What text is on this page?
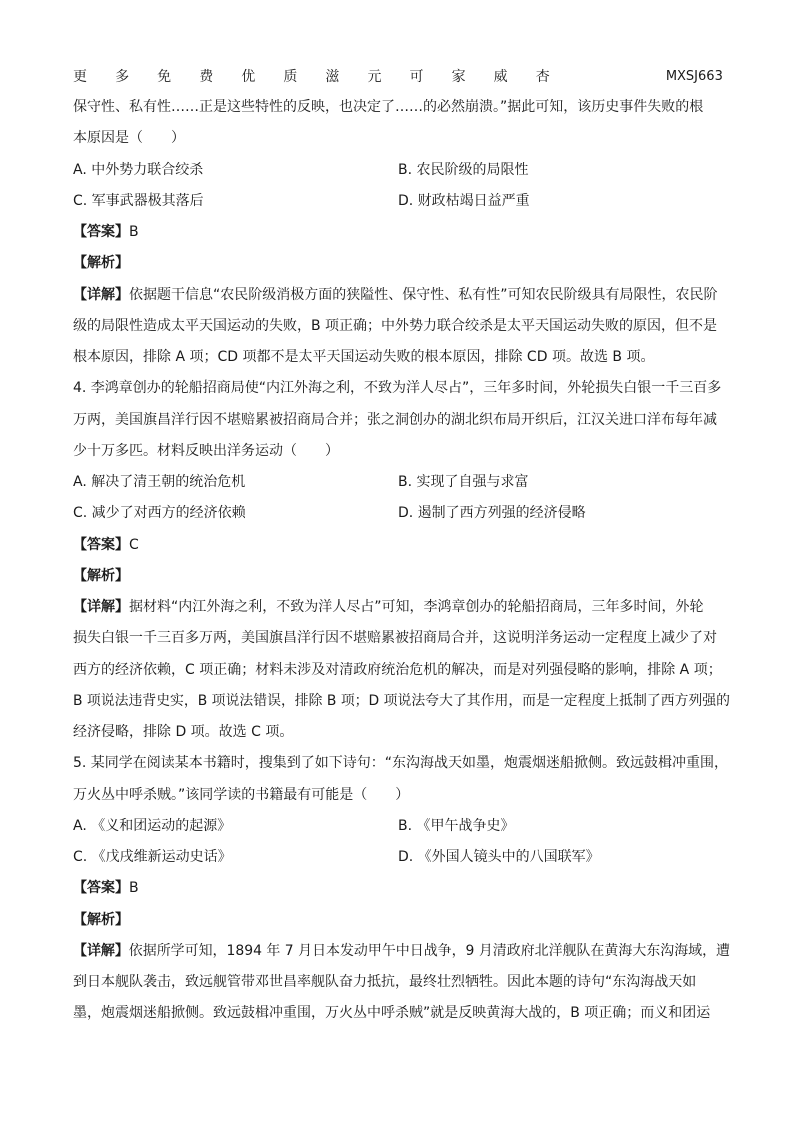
更 多 免 费 优 质 滋 元 可 家 威 杏	MXSJ663
保守性、私有性……正是这些特性的反映，也决定了……的必然崩溃。”据此可知，该历史事件失败的根
本原因是（　　）
A. 中外势力联合绞杀	B. 农民阶级的局限性
C. 军事武器极其落后	D. 财政枯竭日益严重
【答案】B
【解析】
【详解】依据题干信息“农民阶级消极方面的狭隘性、保守性、私有性”可知农民阶级具有局限性，农民阶
级的局限性造成太平天国运动的失败，B 项正确；中外势力联合绞杀是太平天国运动失败的原因，但不是
根本原因，排除 A 项；CD 项都不是太平天国运动失败的根本原因，排除 CD 项。故选 B 项。
4. 李鸿章创办的轮船招商局使“内江外海之利，不致为洋人尽占”，三年多时间，外轮损失白银一千三百多
万两，美国旗昌洋行因不堪赔累被招商局合并；张之洞创办的湖北织布局开织后，江汉关进口洋布每年减
少十万多匹。材料反映出洋务运动（　　）
A. 解决了清王朝的统治危机	B. 实现了自强与求富
C. 减少了对西方的经济依赖	D. 遏制了西方列强的经济侵略
【答案】C
【解析】
【详解】据材料“内江外海之利，不致为洋人尽占”可知，李鸿章创办的轮船招商局，三年多时间，外轮
损失白银一千三百多万两，美国旗昌洋行因不堪赔累被招商局合并，这说明洋务运动一定程度上减少了对
西方的经济依赖，C 项正确；材料未涉及对清政府统治危机的解决，而是对列强侵略的影响，排除 A 项；
B 项说法违背史实，B 项说法错误，排除 B 项；D 项说法夸大了其作用，而是一定程度上抵制了西方列强的
经济侵略，排除 D 项。故选 C 项。
5. 某同学在阅读某本书籍时，搜集到了如下诗句：“东沟海战天如墨，炮震烟迷船掀侧。致远鼓楫冲重围，
万火丛中呼杀贼。”该同学读的书籍最有可能是（　　）
A. 《义和团运动的起源》	B. 《甲午战争史》
C. 《戊戌维新运动史话》	D. 《外国人镜头中的八国联军》
【答案】B
【解析】
【详解】依据所学可知，1894 年 7 月日本发动甲午中日战争，9 月清政府北洋舰队在黄海大东沟海域，遭
到日本舰队袭击，致远舰管带邓世昌率舰队奋力抵抗，最终壮烈牺牲。因此本题的诗句“东沟海战天如
墨，炮震烟迷船掀侧。致远鼓楫冲重围，万火丛中呼杀贼”就是反映黄海大战的，B 项正确；而义和团运
